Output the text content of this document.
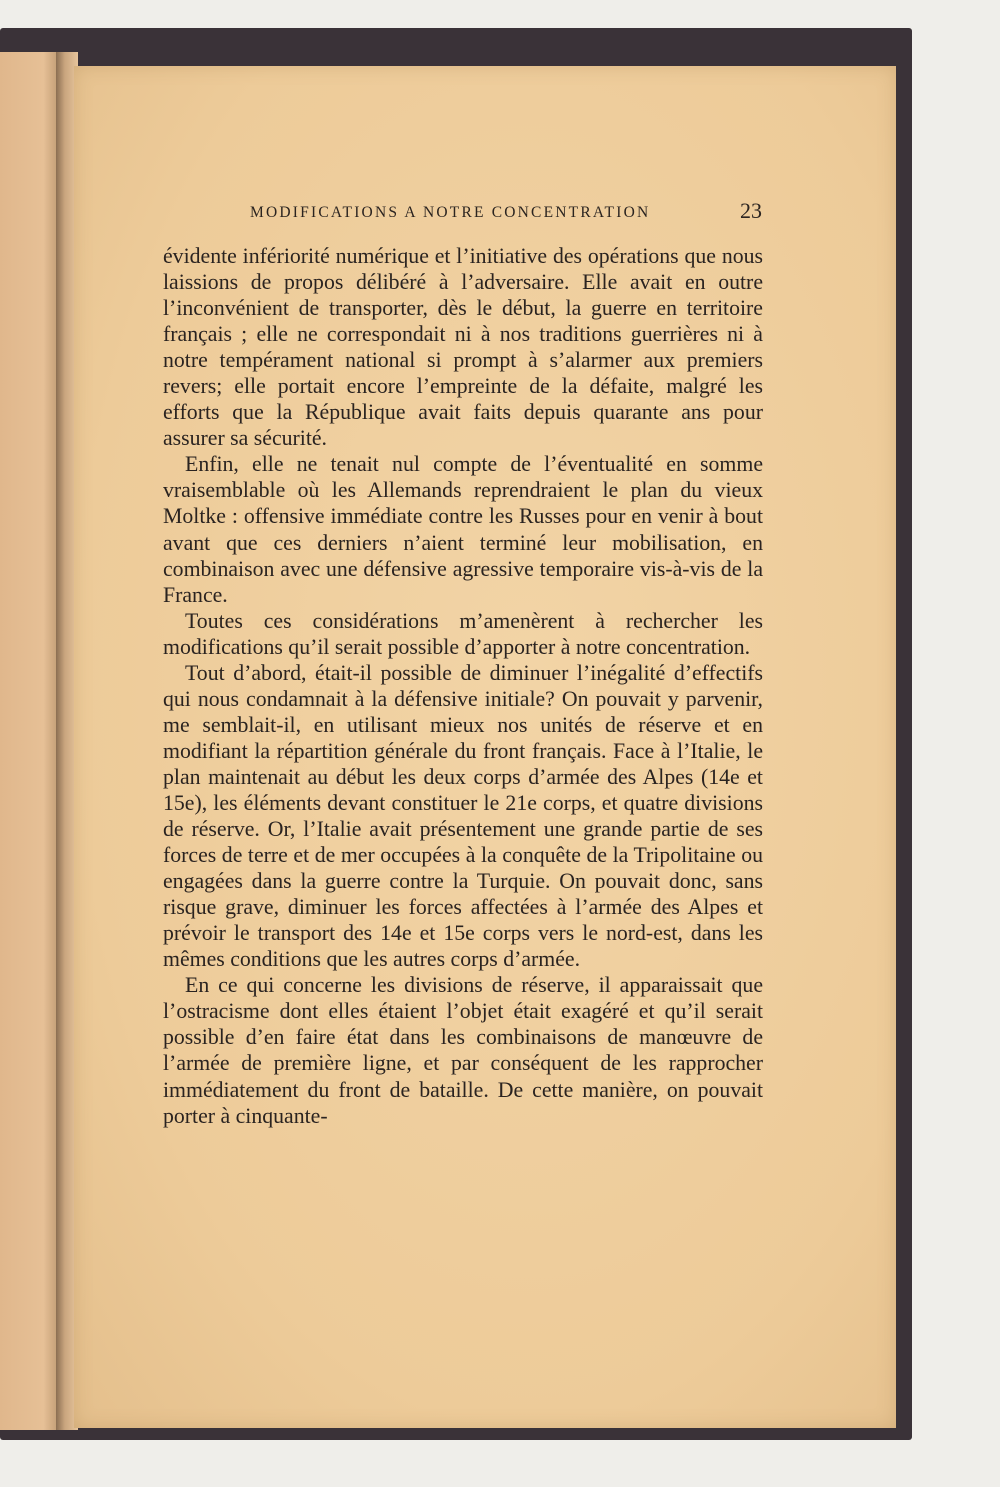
MODIFICATIONS A NOTRE CONCENTRATION	23

évidente infériorité numérique et l’initiative des opérations que nous laissions de propos délibéré à l’adversaire. Elle avait en outre l’inconvénient de transporter, dès le début, la guerre en territoire français ; elle ne correspondait ni à nos traditions guerrières ni à notre tempérament national si prompt à s’alarmer aux premiers revers; elle portait encore l’empreinte de la défaite, malgré les efforts que la République avait faits depuis quarante ans pour assurer sa sécurité.

Enfin, elle ne tenait nul compte de l’éventualité en somme vraisemblable où les Allemands reprendraient le plan du vieux Moltke : offensive immédiate contre les Russes pour en venir à bout avant que ces derniers n’aient terminé leur mobilisation, en combinaison avec une défensive agressive temporaire vis-à-vis de la France.

Toutes ces considérations m’amenèrent à rechercher les modifications qu’il serait possible d’apporter à notre concentration.

Tout d’abord, était-il possible de diminuer l’inégalité d’effectifs qui nous condamnait à la défensive initiale? On pouvait y parvenir, me semblait-il, en utilisant mieux nos unités de réserve et en modifiant la répartition générale du front français. Face à l’Italie, le plan maintenait au début les deux corps d’armée des Alpes (14e et 15e), les éléments devant constituer le 21e corps, et quatre divisions de réserve. Or, l’Italie avait présentement une grande partie de ses forces de terre et de mer occupées à la conquête de la Tripolitaine ou engagées dans la guerre contre la Turquie. On pouvait donc, sans risque grave, diminuer les forces affectées à l’armée des Alpes et prévoir le transport des 14e et 15e corps vers le nord-est, dans les mêmes conditions que les autres corps d’armée.

En ce qui concerne les divisions de réserve, il apparaissait que l’ostracisme dont elles étaient l’objet était exagéré et qu’il serait possible d’en faire état dans les combinaisons de manœuvre de l’armée de première ligne, et par conséquent de les rapprocher immédiatement du front de bataille. De cette manière, on pouvait porter à cinquante-
